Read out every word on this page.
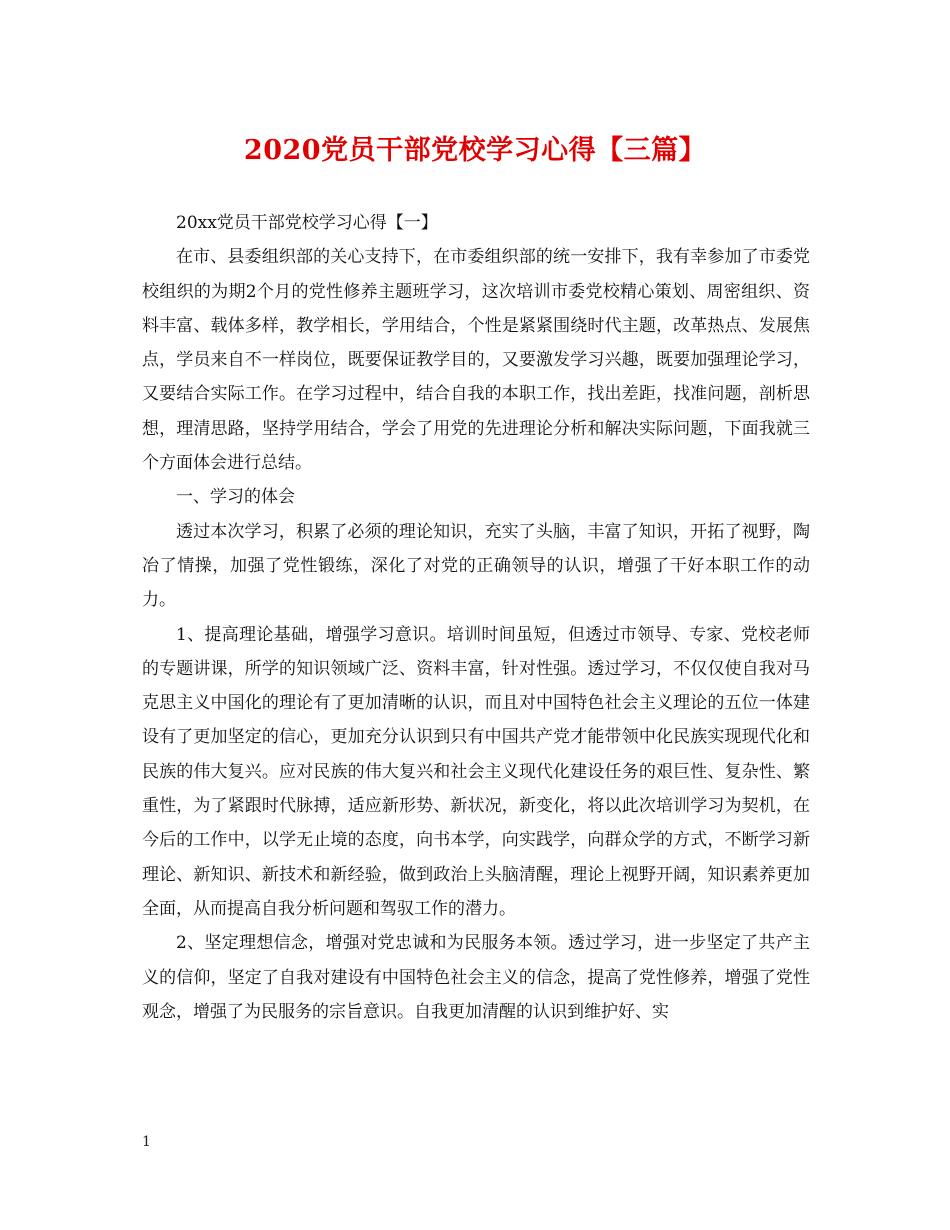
2020党员干部党校学习心得【三篇】

20xx党员干部党校学习心得【一】

在市、县委组织部的关心支持下，在市委组织部的统一安排下，我有幸参加了市委党校组织的为期2个月的党性修养主题班学习，这次培训市委党校精心策划、周密组织、资料丰富、载体多样，教学相长，学用结合，个性是紧紧围绕时代主题，改革热点、发展焦点，学员来自不一样岗位，既要保证教学目的，又要激发学习兴趣，既要加强理论学习，又要结合实际工作。在学习过程中，结合自我的本职工作，找出差距，找准问题，剖析思想，理清思路，坚持学用结合，学会了用党的先进理论分析和解决实际问题，下面我就三个方面体会进行总结。

一、学习的体会

透过本次学习，积累了必须的理论知识，充实了头脑，丰富了知识，开拓了视野，陶冶了情操，加强了党性锻练，深化了对党的正确领导的认识，增强了干好本职工作的动力。

1、提高理论基础，增强学习意识。培训时间虽短，但透过市领导、专家、党校老师的专题讲课，所学的知识领域广泛、资料丰富，针对性强。透过学习，不仅仅使自我对马克思主义中国化的理论有了更加清晰的认识，而且对中国特色社会主义理论的五位一体建设有了更加坚定的信心，更加充分认识到只有中国共产党才能带领中化民族实现现代化和民族的伟大复兴。应对民族的伟大复兴和社会主义现代化建设任务的艰巨性、复杂性、繁重性，为了紧跟时代脉搏，适应新形势、新状况，新变化，将以此次培训学习为契机，在今后的工作中，以学无止境的态度，向书本学，向实践学，向群众学的方式，不断学习新理论、新知识、新技术和新经验，做到政治上头脑清醒，理论上视野开阔，知识素养更加全面，从而提高自我分析问题和驾驭工作的潜力。

2、坚定理想信念，增强对党忠诚和为民服务本领。透过学习，进一步坚定了共产主义的信仰，坚定了自我对建设有中国特色社会主义的信念，提高了党性修养，增强了党性观念，增强了为民服务的宗旨意识。自我更加清醒的认识到维护好、实

1
